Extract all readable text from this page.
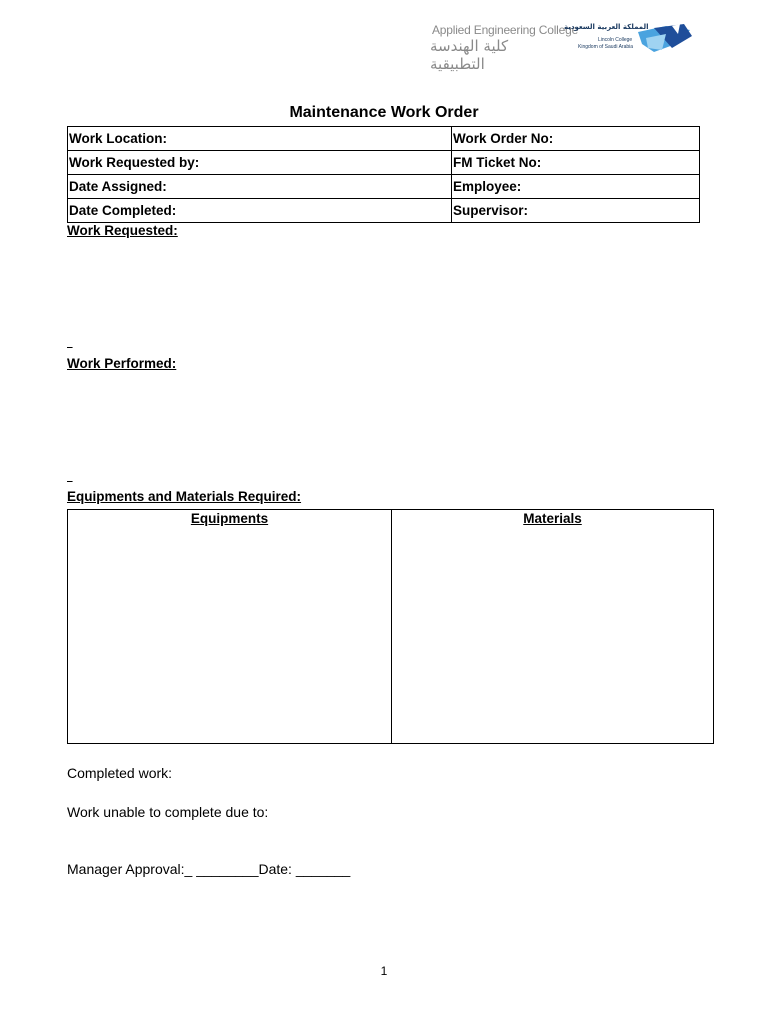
Applied Engineering College
كلية الهندسة التطبيقية
المملكة العربية السعودية
Lincoln College
Kingdom of Saudi Arabia
Maintenance Work Order
Work Location:	Work Order No:
Work Requested by:	FM Ticket No:
Date Assigned:	Employee:
Date Completed:	Supervisor:
Work Requested:

Work Performed:

Equipments and Materials Required:
Equipments	Materials
Completed work:
Work unable to complete due to:
Manager Approval:_ ________Date: _______
1
